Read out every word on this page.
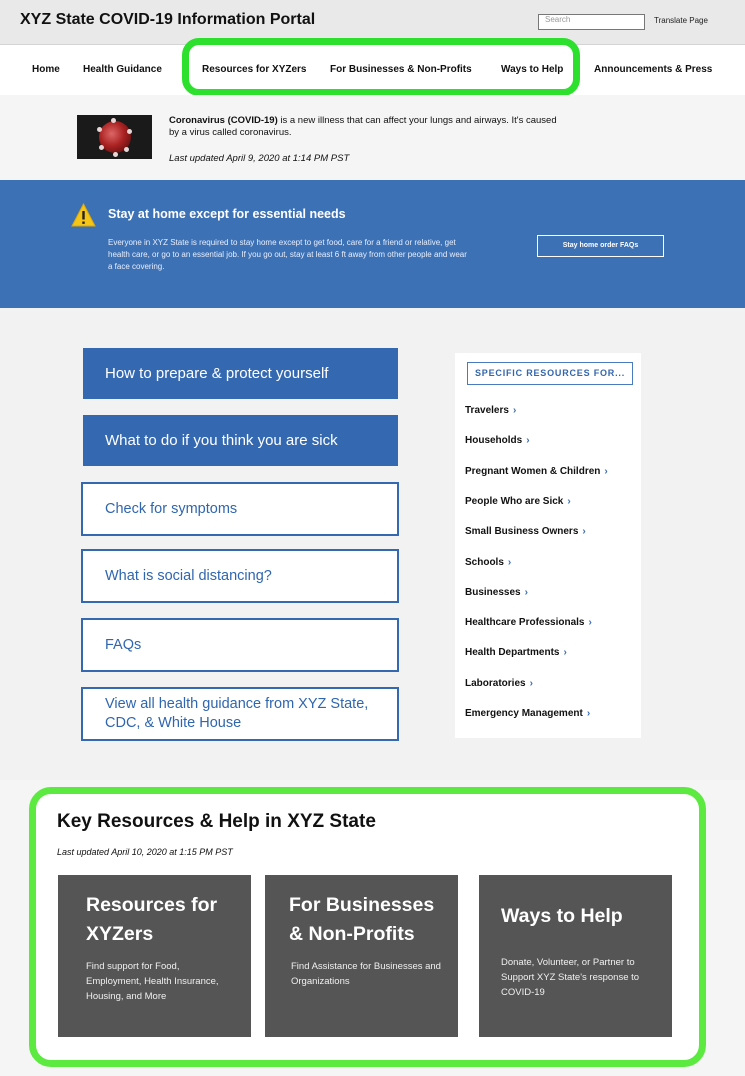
XYZ State COVID-19 Information Portal	Search	Translate Page
Home Health Guidance	Resources for XYZers For Businesses & Non-Profits	Ways to Help	Announcements & Press
Coronavirus (COVID-19) is a new illness that can affect your lungs and airways. It's caused by a virus called coronavirus.
Last updated April 9, 2020 at 1:14 PM PST
Stay at home except for essential needs
Everyone in XYZ State is required to stay home except to get food, care for a friend or relative, get health care, or go to an essential job. If you go out, stay at least 6 ft away from other people and wear a face covering.
Stay home order FAQs
How to prepare & protect yourself
What to do if you think you are sick
Check for symptoms
What is social distancing?
FAQs
View all health guidance from XYZ State, CDC, & White House
SPECIFIC RESOURCES FOR...
Travelers ›
Households ›
Pregnant Women & Children ›
People Who are Sick ›
Small Business Owners ›
Schools ›
Businesses ›
Healthcare Professionals ›
Health Departments ›
Laboratories ›
Emergency Management ›
Key Resources & Help in XYZ State
Last updated April 10, 2020 at 1:15 PM PST
Resources for XYZers
Find support for Food, Employment, Health Insurance, Housing, and More
For Businesses & Non-Profits
Find Assistance for Businesses and Organizations
Ways to Help
Donate, Volunteer, or Partner to Support XYZ State's response to COVID-19
